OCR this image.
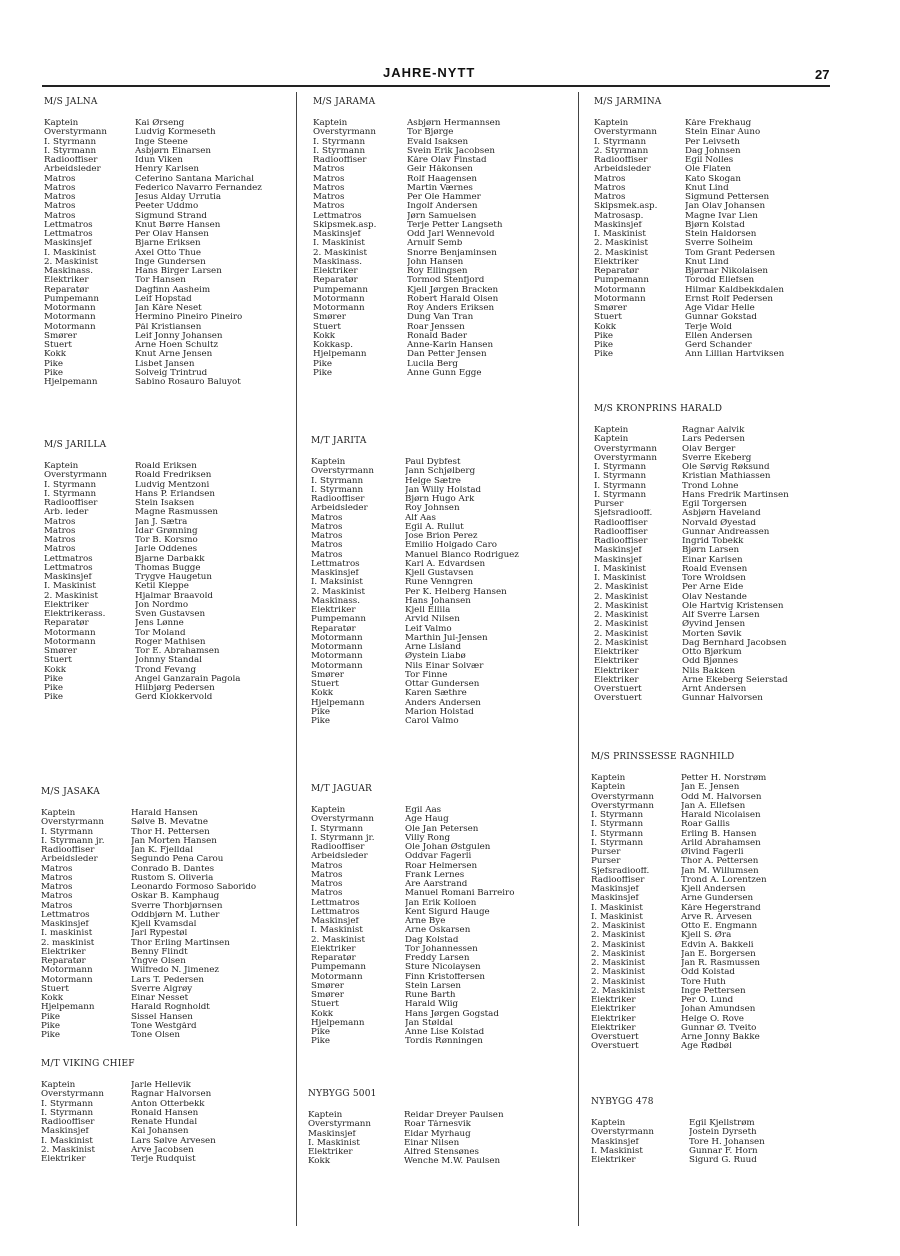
JAHRE-NYTT	27
M/S JALNA
Kaptein	Kai Ørseng
Overstyrmann	Ludvig Kormeseth
I. Styrmann	Inge Steene
I. Styrmann	Asbjørn Einarsen
Radiooffiser	Idun Viken
Arbeidsleder	Henry Karlsen
Matros	Ceferino Santana Marichal
Matros	Federico Navarro Fernandez
Matros	Jesus Alday Urrutia
Matros	Peeter Uddmo
Matros	Sigmund Strand
Lettmatros	Knut Børre Hansen
Lettmatros	Per Olav Hansen
Maskinsjef	Bjarne Eriksen
I. Maskinist	Axel Otto Thue
2. Maskinist	Inge Gundersen
Maskinass.	Hans Birger Larsen
Elektriker	Tor Hansen
Reparatør	Dagfinn Aasheim
Pumpemann	Leif Hopstad
Motormann	Jan Kåre Neset
Motormann	Hermino Pineiro Pineiro
Motormann	Pål Kristiansen
Smører	Leif Jonny Johansen
Stuert	Arne Hoen Schultz
Kokk	Knut Arne Jensen
Pike	Lisbet Jansen
Pike	Solveig Trintrud
Hjelpemann	Sabino Rosauro Baluyot
M/S JARILLA
Kaptein	Roald Eriksen
Overstyrmann	Roald Fredriksen
I. Styrmann	Ludvig Mentzoni
I. Styrmann	Hans P. Erlandsen
Radiooffiser	Stein Isaksen
Arb. leder	Magne Rasmussen
Matros	Jan J. Sætra
Matros	Idar Grønning
Matros	Tor B. Korsmo
Matros	Jarle Oddenes
Lettmatros	Bjarne Darbakk
Lettmatros	Thomas Bugge
Maskinsjef	Trygve Haugetun
I. Maskinist	Ketil Kleppe
2. Maskinist	Hjalmar Braavold
Elektriker	Jon Nordmo
Elektrikerass.	Sven Gustavsen
Reparatør	Jens Lønne
Motormann	Tor Moland
Motormann	Roger Mathisen
Smører	Tor E. Abrahamsen
Stuert	Johnny Standal
Kokk	Trond Fevang
Pike	Angel Ganzarain Pagola
Pike	Hilbjørg Pedersen
Pike	Gerd Klokkervold
M/S JASAKA
Kaptein	Harald Hansen
Overstyrmann	Sølve B. Mevatne
I. Styrmann	Thor H. Pettersen
I. Styrmann jr.	Jan Morten Hansen
Radiooffiser	Jan K. Fjelldal
Arbeidsleder	Segundo Pena Carou
Matros	Conrado B. Dantes
Matros	Rustom S. Oliveria
Matros	Leonardo Formoso Saborido
Matros	Oskar B. Kamphaug
Matros	Sverre Thorbjørnsen
Lettmatros	Oddbjørn M. Luther
Maskinsjef	Kjell Kvamsdal
I. maskinist	Jarl Rypestøl
2. maskinist	Thor Erling Martinsen
Elektriker	Benny Flindt
Reparatør	Yngve Olsen
Motormann	Wilfredo N. Jimenez
Motormann	Lars T. Pedersen
Stuert	Sverre Algrøy
Kokk	Einar Nesset
Hjelpemann	Harald Rognholdt
Pike	Sissel Hansen
Pike	Tone Westgård
Pike	Tone Olsen
M/T VIKING CHIEF
Kaptein	Jarle Hellevik
Overstyrmann	Ragnar Halvorsen
I. Styrmann	Anton Otterbekk
I. Styrmann	Ronald Hansen
Radiooffiser	Renate Hundal
Maskinsjef	Kai Johansen
I. Maskinist	Lars Sølve Arvesen
2. Maskinist	Arve Jacobsen
Elektriker	Terje Rudquist
M/S JARAMA
Kaptein	Asbjørn Hermannsen
Overstyrmann	Tor Bjørge
I. Styrmann	Evald Isaksen
I. Styrmann	Svein Erik Jacobsen
Radiooffiser	Kåre Olav Finstad
Matros	Geir Håkonsen
Matros	Rolf Haagensen
Matros	Martin Værnes
Matros	Per Ole Hammer
Matros	Ingolf Andersen
Lettmatros	Jørn Samuelsen
Skipsmek.asp.	Terje Petter Langseth
Maskinsjef	Odd Jarl Wennevold
I. Maskinist	Arnulf Semb
2. Maskinist	Snorre Benjaminsen
Maskinass.	John Hansen
Elektriker	Roy Ellingsen
Reparatør	Tormod Stenfjord
Pumpemann	Kjell Jørgen Bracken
Motormann	Robert Harald Olsen
Motormann	Roy Anders Eriksen
Smører	Dung Van Tran
Stuert	Roar Jenssen
Kokk	Ronald Bader
Kokkasp.	Anne-Karin Hansen
Hjelpemann	Dan Petter Jensen
Pike	Lucila Berg
Pike	Anne Gunn Egge
M/T JARITA
Kaptein	Paul Dybfest
Overstyrmann	Jann Schjølberg
I. Styrmann	Helge Sætre
I. Styrmann	Jan Willy Holstad
Radiooffiser	Bjørn Hugo Ark
Arbeidsleder	Roy Johnsen
Matros	Alf Aas
Matros	Egil A. Rullut
Matros	Jose Brion Perez
Matros	Emilio Holgado Caro
Matros	Manuel Blanco Rodriguez
Lettmatros	Karl A. Edvardsen
Maskinsjef	Kjell Gustavsen
I. Maksinist	Rune Venngren
2. Maskinist	Per K. Helberg Hansen
Maskinass.	Hans Johansen
Elektriker	Kjell Ellila
Pumpemann	Arvid Nilsen
Reparatør	Leif Valmo
Motormann	Marthin Jul-Jensen
Motormann	Arne Lisland
Motormann	Øystein Liabø
Motormann	Nils Einar Solvær
Smører	Tor Finne
Stuert	Ottar Gundersen
Kokk	Karen Sæthre
Hjelpemann	Anders Andersen
Pike	Marion Holstad
Pike	Carol Valmo
M/T JAGUAR
Kaptein	Egil Aas
Overstyrmann	Åge Haug
I. Styrmann	Ole Jan Petersen
I. Styrmann jr.	Villy Rong
Radiooffiser	Ole Johan Østgulen
Arbeidsleder	Oddvar Fagerli
Matros	Roar Helmersen
Matros	Frank Lernes
Matros	Are Aarstrand
Matros	Manuel Romani Barreiro
Lettmatros	Jan Erik Kolloen
Lettmatros	Kent Sigurd Hauge
Maskinsjef	Arne Bye
I. Maskinist	Arne Oskarsen
2. Maskinist	Dag Kolstad
Elektriker	Tor Johannessen
Reparatør	Freddy Larsen
Pumpemann	Sture Nicolaysen
Motormann	Finn Kristoffersen
Smører	Stein Larsen
Smører	Rune Barth
Stuert	Harald Wiig
Kokk	Hans Jørgen Gogstad
Hjelpemann	Jan Støldal
Pike	Anne Lise Kolstad
Pike	Tordis Rønningen
NYBYGG 5001
Kaptein	Reidar Dreyer Paulsen
Overstyrmann	Roar Tårnesvik
Maskinsjef	Eldar Myrhaug
I. Maskinist	Einar Nilsen
Elektriker	Alfred Stensønes
Kokk	Wenche M.W. Paulsen
M/S JARMINA
Kaptein	Kåre Frekhaug
Overstyrmann	Stein Einar Auno
I. Styrmann	Per Leivseth
2. Styrmann	Dag Johnsen
Radiooffiser	Egil Nolles
Arbeidsleder	Ole Flaten
Matros	Kato Skogan
Matros	Knut Lind
Matros	Sigmund Pettersen
Skipsmek.asp.	Jan Olav Johansen
Matrosasp.	Magne Ivar Lien
Maskinsjef	Bjørn Kolstad
I. Maskinist	Stein Haldorsen
2. Maskinist	Sverre Solheim
2. Maskinist	Tom Grant Pedersen
Elektriker	Knut Lind
Reparatør	Bjørnar Nikolaisen
Pumpemann	Torodd Ellefsen
Motormann	Hilmar Kaldbekkdalen
Motormann	Ernst Rolf Pedersen
Smører	Åge Vidar Helle
Stuert	Gunnar Gokstad
Kokk	Terje Wold
Pike	Ellen Andersen
Pike	Gerd Schander
Pike	Ann Lillian Hartviksen
M/S KRONPRINS HARALD
Kaptein	Ragnar Aalvik
Kaptein	Lars Pedersen
Overstyrmann	Olav Berger
Overstyrmann	Sverre Ekeberg
I. Styrmann	Ole Sørvig Røksund
I. Styrmann	Kristian Mathiassen
I. Styrmann	Trond Lohne
I. Styrmann	Hans Fredrik Martinsen
Purser	Egil Torgersen
Sjefsradiooff.	Asbjørn Haveland
Radiooffiser	Norvald Øyestad
Radiooffiser	Gunnar Andreassen
Radiooffiser	Ingrid Tobekk
Maskinsjef	Bjørn Larsen
Maskinsjef	Einar Karlsen
I. Maskinist	Roald Evensen
I. Maskinist	Tore Wroldsen
2. Maskinist	Per Arne Eide
2. Maskinist	Olav Nestande
2. Maskinist	Ole Hartvig Kristensen
2. Maskinist	Alf Sverre Larsen
2. Maskinist	Øyvind Jensen
2. Maskinist	Morten Søvik
2. Maskinist	Dag Bernhard Jacobsen
Elektriker	Otto Bjørkum
Elektriker	Odd Bjønnes
Elektriker	Nils Bakken
Elektriker	Arne Ekeberg Seierstad
Overstuert	Arnt Andersen
Overstuert	Gunnar Halvorsen
M/S PRINSSESSE RAGNHILD
Kaptein	Petter H. Norstrøm
Kaptein	Jan E. Jensen
Overstyrmann	Odd M. Halvorsen
Overstyrmann	Jan A. Ellefsen
I. Styrmann	Harald Nicolaisen
I. Styrmann	Roar Gallis
I. Styrmann	Erling B. Hansen
I. Styrmann	Arild Abrahamsen
Purser	Øivind Fagerli
Purser	Thor A. Pettersen
Sjefsradiooff.	Jan M. Willumsen
Radiooffiser	Trond A. Lorentzen
Maskinsjef	Kjell Andersen
Maskinsjef	Arne Gundersen
I. Maskinist	Kåre Hegerstrand
I. Maskinist	Arve R. Arvesen
2. Maskinist	Otto E. Engmann
2. Maskinist	Kjell S. Øra
2. Maskinist	Edvin A. Bakkeli
2. Maskinist	Jan E. Borgersen
2. Maskinist	Jan R. Rasmussen
2. Maskinist	Odd Kolstad
2. Maskinist	Tore Huth
2. Maskinist	Inge Pettersen
Elektriker	Per O. Lund
Elektriker	Johan Amundsen
Elektriker	Helge O. Rove
Elektriker	Gunnar Ø. Tveito
Overstuert	Arne Jonny Bakke
Overstuert	Åge Rødbøl
NYBYGG 478
Kaptein	Egil Kjellstrøm
Overstyrmann	Jostein Dyrseth
Maskinsjef	Tore H. Johansen
I. Maskinist	Gunnar F. Horn
Elektriker	Sigurd G. Ruud
